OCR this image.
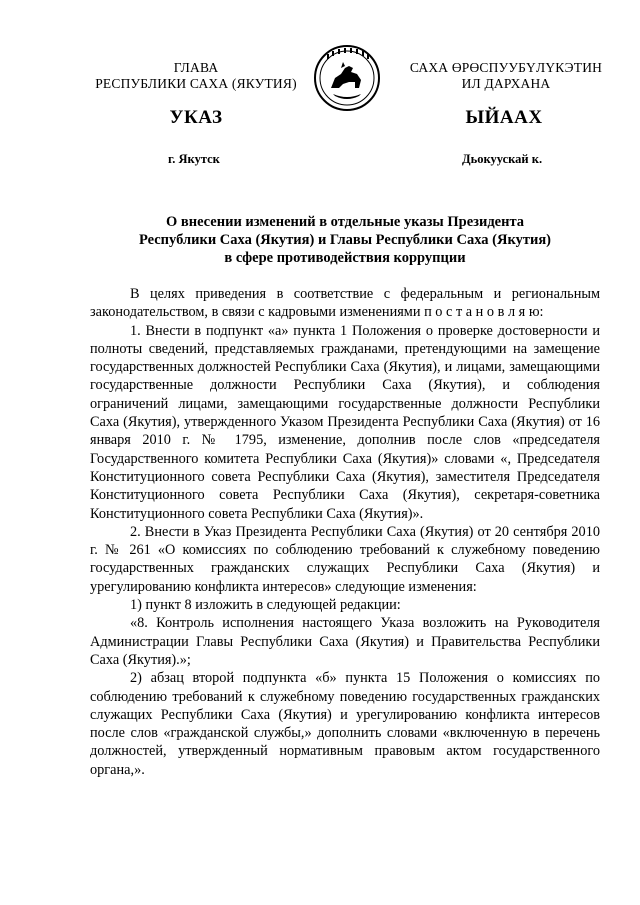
ГЛАВА
РЕСПУБЛИКИ САХА (ЯКУТИЯ)
САХА ӨРӨСПУУБҮЛҮКЭТИН
ИЛ ДАРХАНА
УКАЗ	ЫЙААХ
г. Якутск	Дьокуускай к.
О внесении изменений в отдельные указы Президента
Республики Саха (Якутия) и Главы Республики Саха (Якутия)
в сфере противодействия коррупции

В целях приведения в соответствие с федеральным и региональным законодательством, в связи с кадровыми изменениями п о с т а н о в л я ю:

1. Внести в подпункт «а» пункта 1 Положения о проверке достоверности и полноты сведений, представляемых гражданами, претендующими на замещение государственных должностей Республики Саха (Якутия), и лицами, замещающими государственные должности Республики Саха (Якутия), и соблюдения ограничений лицами, замещающими государственные должности Республики Саха (Якутия), утвержденного Указом Президента Республики Саха (Якутия) от 16 января 2010 г. № 1795, изменение, дополнив после слов «председателя Государственного комитета Республики Саха (Якутия)» словами «, Председателя Конституционного совета Республики Саха (Якутия), заместителя Председателя Конституционного совета Республики Саха (Якутия), секретаря-советника Конституционного совета Республики Саха (Якутия)».

2. Внести в Указ Президента Республики Саха (Якутия) от 20 сентября 2010 г. № 261 «О комиссиях по соблюдению требований к служебному поведению государственных гражданских служащих Республики Саха (Якутия) и урегулированию конфликта интересов» следующие изменения:

1) пункт 8 изложить в следующей редакции:

«8. Контроль исполнения настоящего Указа возложить на Руководителя Администрации Главы Республики Саха (Якутия) и Правительства Республики Саха (Якутия).»;

2) абзац второй подпункта «б» пункта 15 Положения о комиссиях по соблюдению требований к служебному поведению государственных гражданских служащих Республики Саха (Якутия) и урегулированию конфликта интересов после слов «гражданской службы,» дополнить словами «включенную в перечень должностей, утвержденный нормативным правовым актом государственного органа,».
